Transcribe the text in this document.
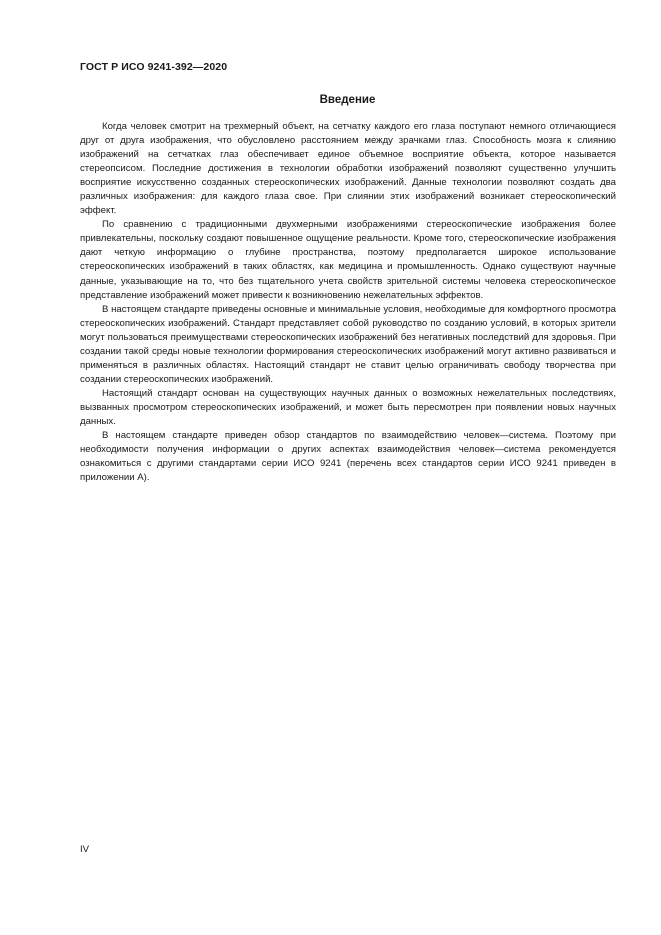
ГОСТ Р ИСО 9241-392—2020
Введение

Когда человек смотрит на трехмерный объект, на сетчатку каждого его глаза поступают немного отличающиеся друг от друга изображения, что обусловлено расстоянием между зрачками глаз. Способность мозга к слиянию изображений на сетчатках глаз обеспечивает единое объемное восприятие объекта, которое называется стереопсисом. Последние достижения в технологии обработки изображений позволяют существенно улучшить восприятие искусственно созданных стереоскопических изображений. Данные технологии позволяют создать два различных изображения: для каждого глаза свое. При слиянии этих изображений возникает стереоскопический эффект.

По сравнению с традиционными двухмерными изображениями стереоскопические изображения более привлекательны, поскольку создают повышенное ощущение реальности. Кроме того, стереоскопические изображения дают четкую информацию о глубине пространства, поэтому предполагается широкое использование стереоскопических изображений в таких областях, как медицина и промышленность. Однако существуют научные данные, указывающие на то, что без тщательного учета свойств зрительной системы человека стереоскопическое представление изображений может привести к возникновению нежелательных эффектов.

В настоящем стандарте приведены основные и минимальные условия, необходимые для комфортного просмотра стереоскопических изображений. Стандарт представляет собой руководство по созданию условий, в которых зрители могут пользоваться преимуществами стереоскопических изображений без негативных последствий для здоровья. При создании такой среды новые технологии формирования стереоскопических изображений могут активно развиваться и применяться в различных областях. Настоящий стандарт не ставит целью ограничивать свободу творчества при создании стереоскопических изображений.

Настоящий стандарт основан на существующих научных данных о возможных нежелательных последствиях, вызванных просмотром стереоскопических изображений, и может быть пересмотрен при появлении новых научных данных.

В настоящем стандарте приведен обзор стандартов по взаимодействию человек—система. Поэтому при необходимости получения информации о других аспектах взаимодействия человек—система рекомендуется ознакомиться с другими стандартами серии ИСО 9241 (перечень всех стандартов серии ИСО 9241 приведен в приложении А).

IV
